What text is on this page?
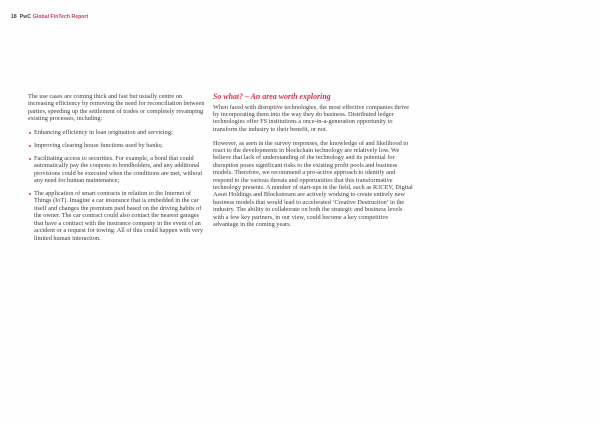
18 PwC Global FinTech Report

The use cases are coming thick and fast but usually centre on increasing efficiency by removing the need for reconciliation between parties, speeding up the settlement of trades or completely revamping existing processes, including:

Enhancing efficiency in loan origination and servicing;
Improving clearing house functions used by banks;
Facilitating access to securities. For example, a bond that could automatically pay the coupons to bondholders, and any additional provisions could be executed when the conditions are met, without any need for human maintenance;
The application of smart contracts in relation to the Internet of Things (IoT). Imagine a car insurance that is embedded in the car itself and changes the premium paid based on the driving habits of the owner. The car contract could also contact the nearest garages that have a contract with the insurance company in the event of an accident or a request for towing. All of this could happen with very limited human interaction.
So what? – An area worth exploring

When faced with disruptive technologies, the most effective companies thrive by incorporating them into the way they do business. Distributed ledger technologies offer FS institutions a once-in-a-generation opportunity to transform the industry to their benefit, or not.

However, as seen in the survey responses, the knowledge of and likelihood to react to the developments in blockchain technology are relatively low. We believe that lack of understanding of the technology and its potential for disruption poses significant risks to the existing profit pools and business models. Therefore, we recommend a pro-active approach to identify and respond to the various threats and opportunities that this transformative technology presents. A number of start-ups in the field, such as R3CEV, Digital Asset Holdings and Blockstream are actively working to create entirely new business models that would lead to accelerated ‘Creative Destruction’ in the industry. The ability to collaborate on both the strategic and business levels with a few key partners, in our view, could become a key competitive advantage in the coming years.
